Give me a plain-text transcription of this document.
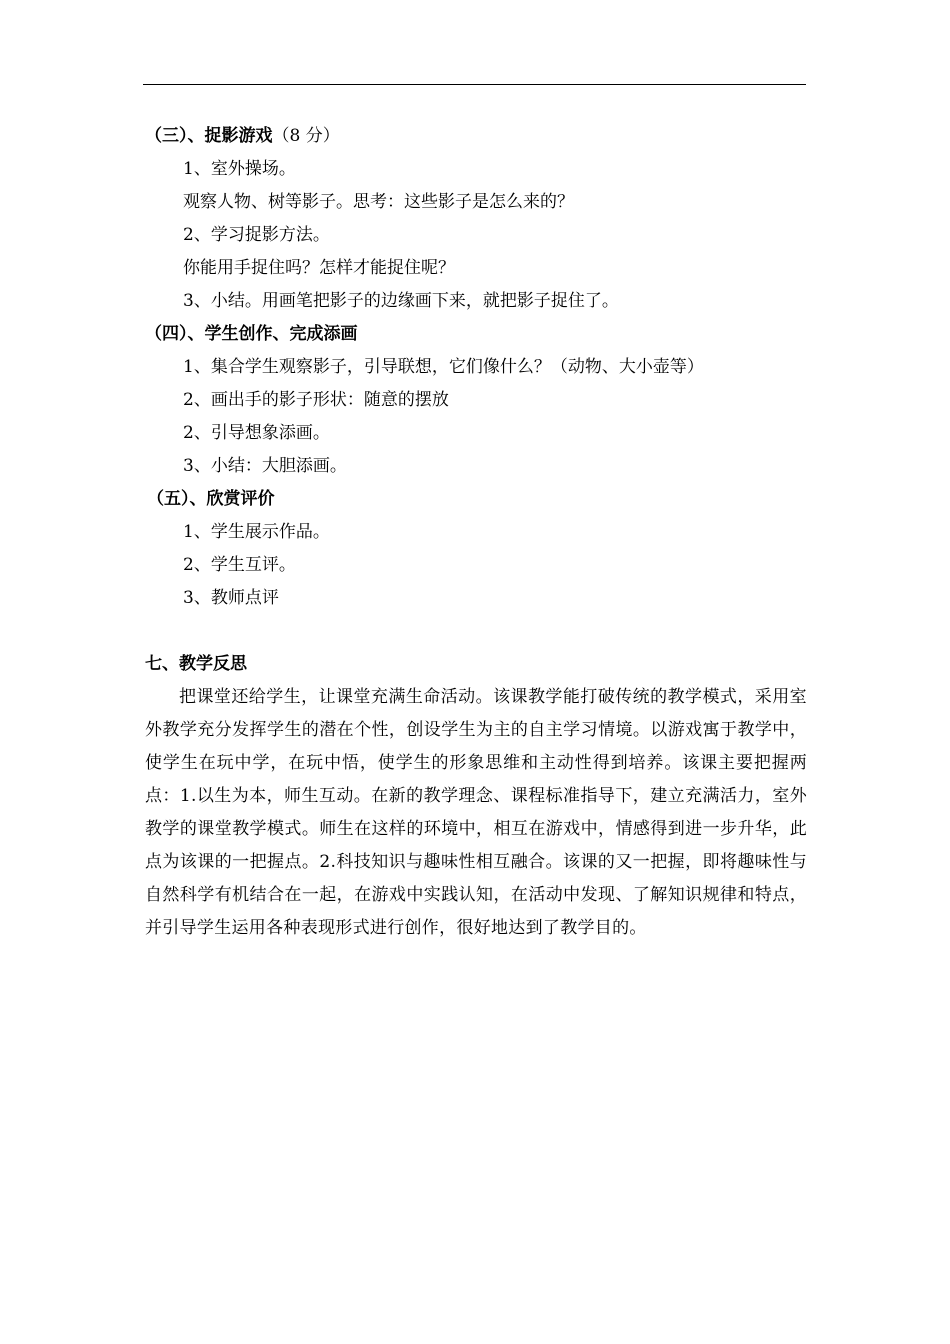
（三）、捉影游戏（8 分）
1、室外操场。
观察人物、树等影子。思考：这些影子是怎么来的？
2、学习捉影方法。
你能用手捉住吗？怎样才能捉住呢？
3、小结。用画笔把影子的边缘画下来，就把影子捉住了。
（四）、学生创作、完成添画
1、集合学生观察影子，引导联想，它们像什么？（动物、大小壶等）
2、画出手的影子形状：随意的摆放
2、引导想象添画。
3、小结：大胆添画。
（五）、欣赏评价
1、学生展示作品。
2、学生互评。
3、教师点评
七、教学反思

把课堂还给学生，让课堂充满生命活动。该课教学能打破传统的教学模式，采用室外教学充分发挥学生的潜在个性，创设学生为主的自主学习情境。以游戏寓于教学中，使学生在玩中学，在玩中悟，使学生的形象思维和主动性得到培养。该课主要把握两点：1.以生为本，师生互动。在新的教学理念、课程标准指导下，建立充满活力，室外教学的课堂教学模式。师生在这样的环境中，相互在游戏中，情感得到进一步升华，此点为该课的一把握点。2.科技知识与趣味性相互融合。该课的又一把握，即将趣味性与自然科学有机结合在一起，在游戏中实践认知，在活动中发现、了解知识规律和特点，并引导学生运用各种表现形式进行创作，很好地达到了教学目的。
